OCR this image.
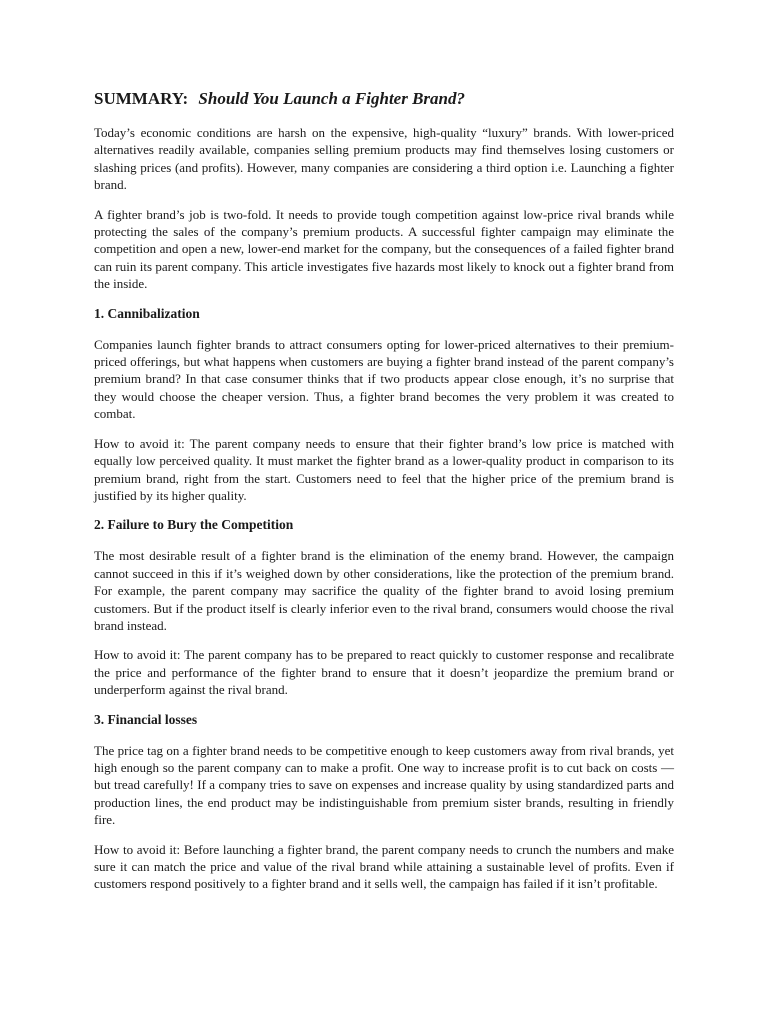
SUMMARY: Should You Launch a Fighter Brand?

Today’s economic conditions are harsh on the expensive, high-quality “luxury” brands. With lower-priced alternatives readily available, companies selling premium products may find themselves losing customers or slashing prices (and profits). However, many companies are considering a third option i.e. Launching a fighter brand.

A fighter brand’s job is two-fold. It needs to provide tough competition against low-price rival brands while protecting the sales of the company’s premium products. A successful fighter campaign may eliminate the competition and open a new, lower-end market for the company, but the consequences of a failed fighter brand can ruin its parent company. This article investigates five hazards most likely to knock out a fighter brand from the inside.

1. Cannibalization

Companies launch fighter brands to attract consumers opting for lower-priced alternatives to their premium-priced offerings, but what happens when customers are buying a fighter brand instead of the parent company’s premium brand? In that case consumer thinks that if two products appear close enough, it’s no surprise that they would choose the cheaper version. Thus, a fighter brand becomes the very problem it was created to combat.

How to avoid it: The parent company needs to ensure that their fighter brand’s low price is matched with equally low perceived quality. It must market the fighter brand as a lower-quality product in comparison to its premium brand, right from the start. Customers need to feel that the higher price of the premium brand is justified by its higher quality.

2. Failure to Bury the Competition

The most desirable result of a fighter brand is the elimination of the enemy brand. However, the campaign cannot succeed in this if it’s weighed down by other considerations, like the protection of the premium brand. For example, the parent company may sacrifice the quality of the fighter brand to avoid losing premium customers. But if the product itself is clearly inferior even to the rival brand, consumers would choose the rival brand instead.

How to avoid it: The parent company has to be prepared to react quickly to customer response and recalibrate the price and performance of the fighter brand to ensure that it doesn’t jeopardize the premium brand or underperform against the rival brand.

3. Financial losses

The price tag on a fighter brand needs to be competitive enough to keep customers away from rival brands, yet high enough so the parent company can to make a profit. One way to increase profit is to cut back on costs — but tread carefully! If a company tries to save on expenses and increase quality by using standardized parts and production lines, the end product may be indistinguishable from premium sister brands, resulting in friendly fire.

How to avoid it: Before launching a fighter brand, the parent company needs to crunch the numbers and make sure it can match the price and value of the rival brand while attaining a sustainable level of profits. Even if customers respond positively to a fighter brand and it sells well, the campaign has failed if it isn’t profitable.
